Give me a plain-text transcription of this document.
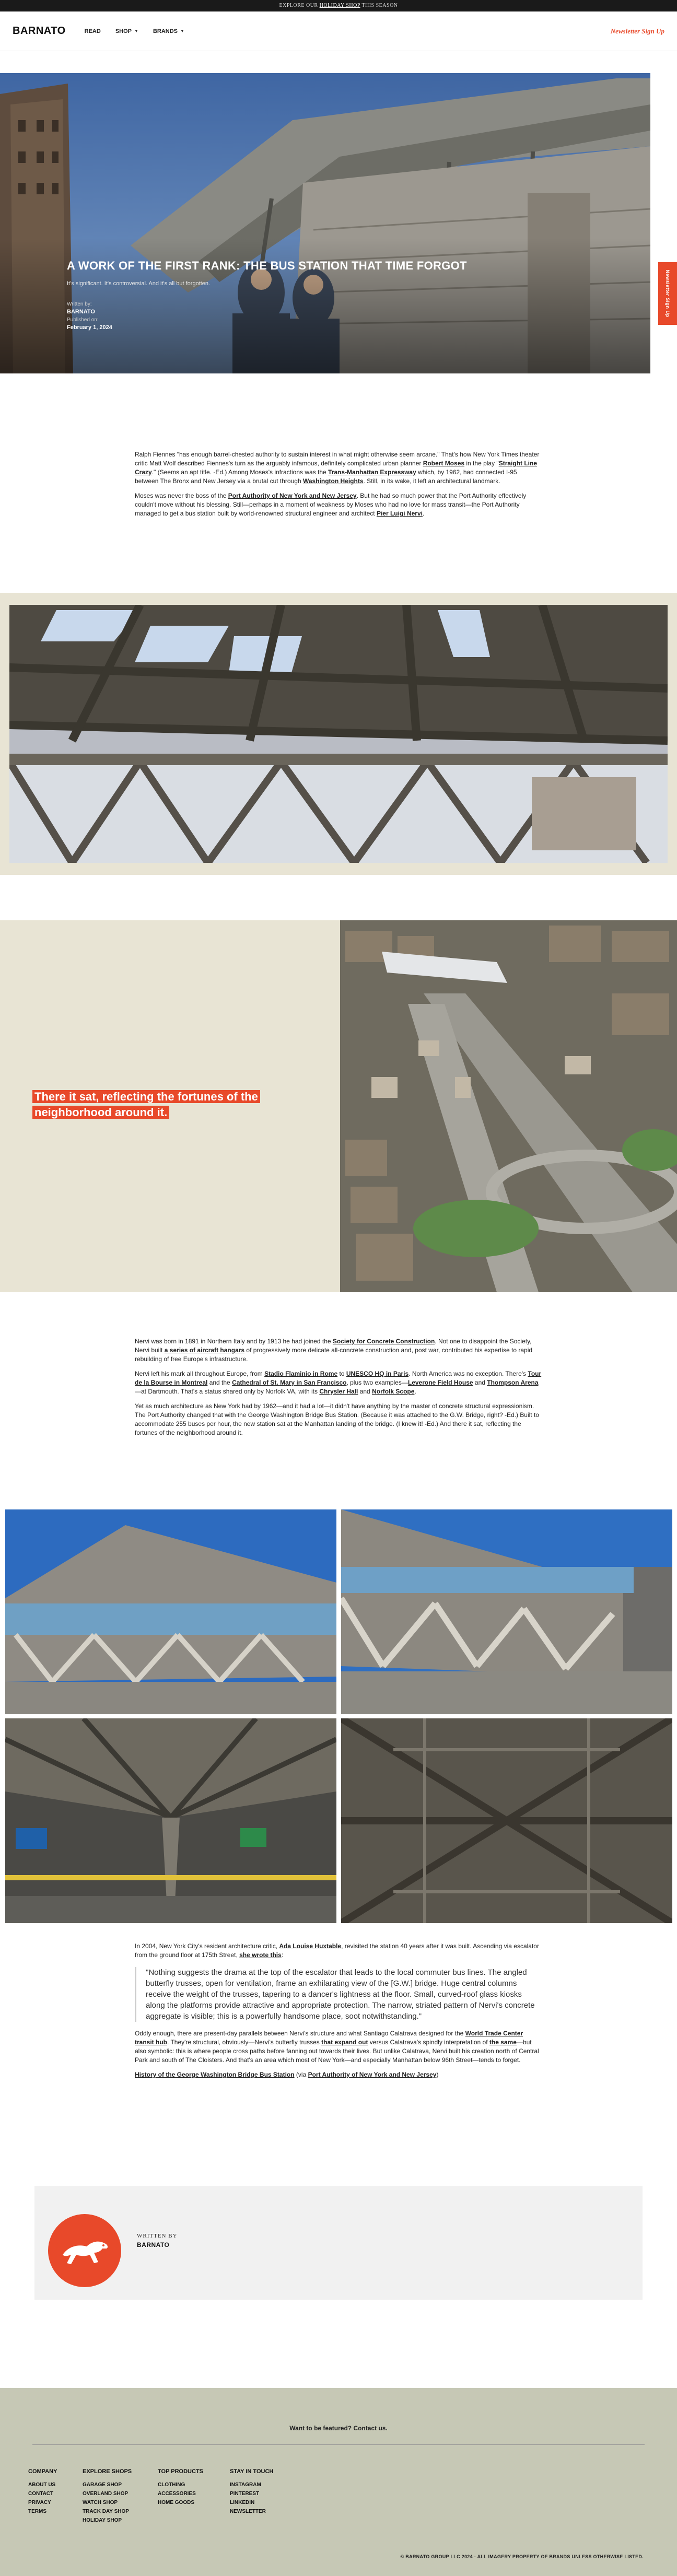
EXPLORE OUR HOLIDAY SHOP THIS SEASON
BARNATO	READ	SHOP ▼	BRANDS ▼	Newsletter Sign Up
A WORK OF THE FIRST RANK: THE BUS STATION THAT TIME FORGOT
It's significant. It's controversial. And it's all but forgotten.
Written by:
BARNATO
Published on:
February 1, 2024
Newsletter Sign Up

Ralph Fiennes "has enough barrel-chested authority to sustain interest in what might otherwise seem arcane." That's how New York Times theater critic Matt Wolf described Fiennes's turn as the arguably infamous, definitely complicated urban planner Robert Moses in the play "Straight Line Crazy." (Seems an apt title. -Ed.) Among Moses's infractions was the Trans-Manhattan Expressway which, by 1962, had connected I-95 between The Bronx and New Jersey via a brutal cut through Washington Heights. Still, in its wake, it left an architectural landmark.

Moses was never the boss of the Port Authority of New York and New Jersey. But he had so much power that the Port Authority effectively couldn't move without his blessing. Still—perhaps in a moment of weakness by Moses who had no love for mass transit—the Port Authority managed to get a bus station built by world-renowned structural engineer and architect Pier Luigi Nervi.

There it sat, reflecting the fortunes of the neighborhood around it.

Nervi was born in 1891 in Northern Italy and by 1913 he had joined the Society for Concrete Construction. Not one to disappoint the Society, Nervi built a series of aircraft hangars of progressively more delicate all-concrete construction and, post war, contributed his expertise to rapid rebuilding of free Europe's infrastructure.

Nervi left his mark all throughout Europe, from Stadio Flaminio in Rome to UNESCO HQ in Paris. North America was no exception. There's Tour de la Bourse in Montreal and the Cathedral of St. Mary in San Francisco, plus two examples—Leverone Field House and Thompson Arena—at Dartmouth. That's a status shared only by Norfolk VA, with its Chrysler Hall and Norfolk Scope.

Yet as much architecture as New York had by 1962—and it had a lot—it didn't have anything by the master of concrete structural expressionism. The Port Authority changed that with the George Washington Bridge Bus Station. (Because it was attached to the G.W. Bridge, right? -Ed.) Built to accommodate 255 buses per hour, the new station sat at the Manhattan landing of the bridge. (I knew it! -Ed.) And there it sat, reflecting the fortunes of the neighborhood around it.

In 2004, New York City's resident architecture critic, Ada Louise Huxtable, revisited the station 40 years after it was built. Ascending via escalator from the ground floor at 175th Street, she wrote this:

"Nothing suggests the drama at the top of the escalator that leads to the local commuter bus lines. The angled butterfly trusses, open for ventilation, frame an exhilarating view of the [G.W.] bridge. Huge central columns receive the weight of the trusses, tapering to a dancer's lightness at the floor. Small, curved-roof glass kiosks along the platforms provide attractive and appropriate protection. The narrow, striated pattern of Nervi's concrete aggregate is visible; this is a powerfully handsome place, soot notwithstanding."

Oddly enough, there are present-day parallels between Nervi's structure and what Santiago Calatrava designed for the World Trade Center transit hub. They're structural, obviously—Nervi's butterfly trusses that expand out versus Calatrava's spindly interpretation of the same—but also symbolic: this is where people cross paths before fanning out towards their lives. But unlike Calatrava, Nervi built his creation north of Central Park and south of The Cloisters. And that's an area which most of New York—and especially Manhattan below 96th Street—tends to forget.

History of the George Washington Bridge Bus Station (via Port Authority of New York and New Jersey)

WRITTEN BY
BARNATO
Want to be featured? Contact us.
COMPANY
ABOUT US
CONTACT
PRIVACY
TERMS
EXPLORE SHOPS
GARAGE SHOP
OVERLAND SHOP
WATCH SHOP
TRACK DAY SHOP
HOLIDAY SHOP
TOP PRODUCTS
CLOTHING
ACCESSORIES
HOME GOODS
STAY IN TOUCH
INSTAGRAM
PINTEREST
LINKEDIN
NEWSLETTER
© BARNATO GROUP LLC 2024 - ALL IMAGERY PROPERTY OF BRANDS UNLESS OTHERWISE LISTED.
